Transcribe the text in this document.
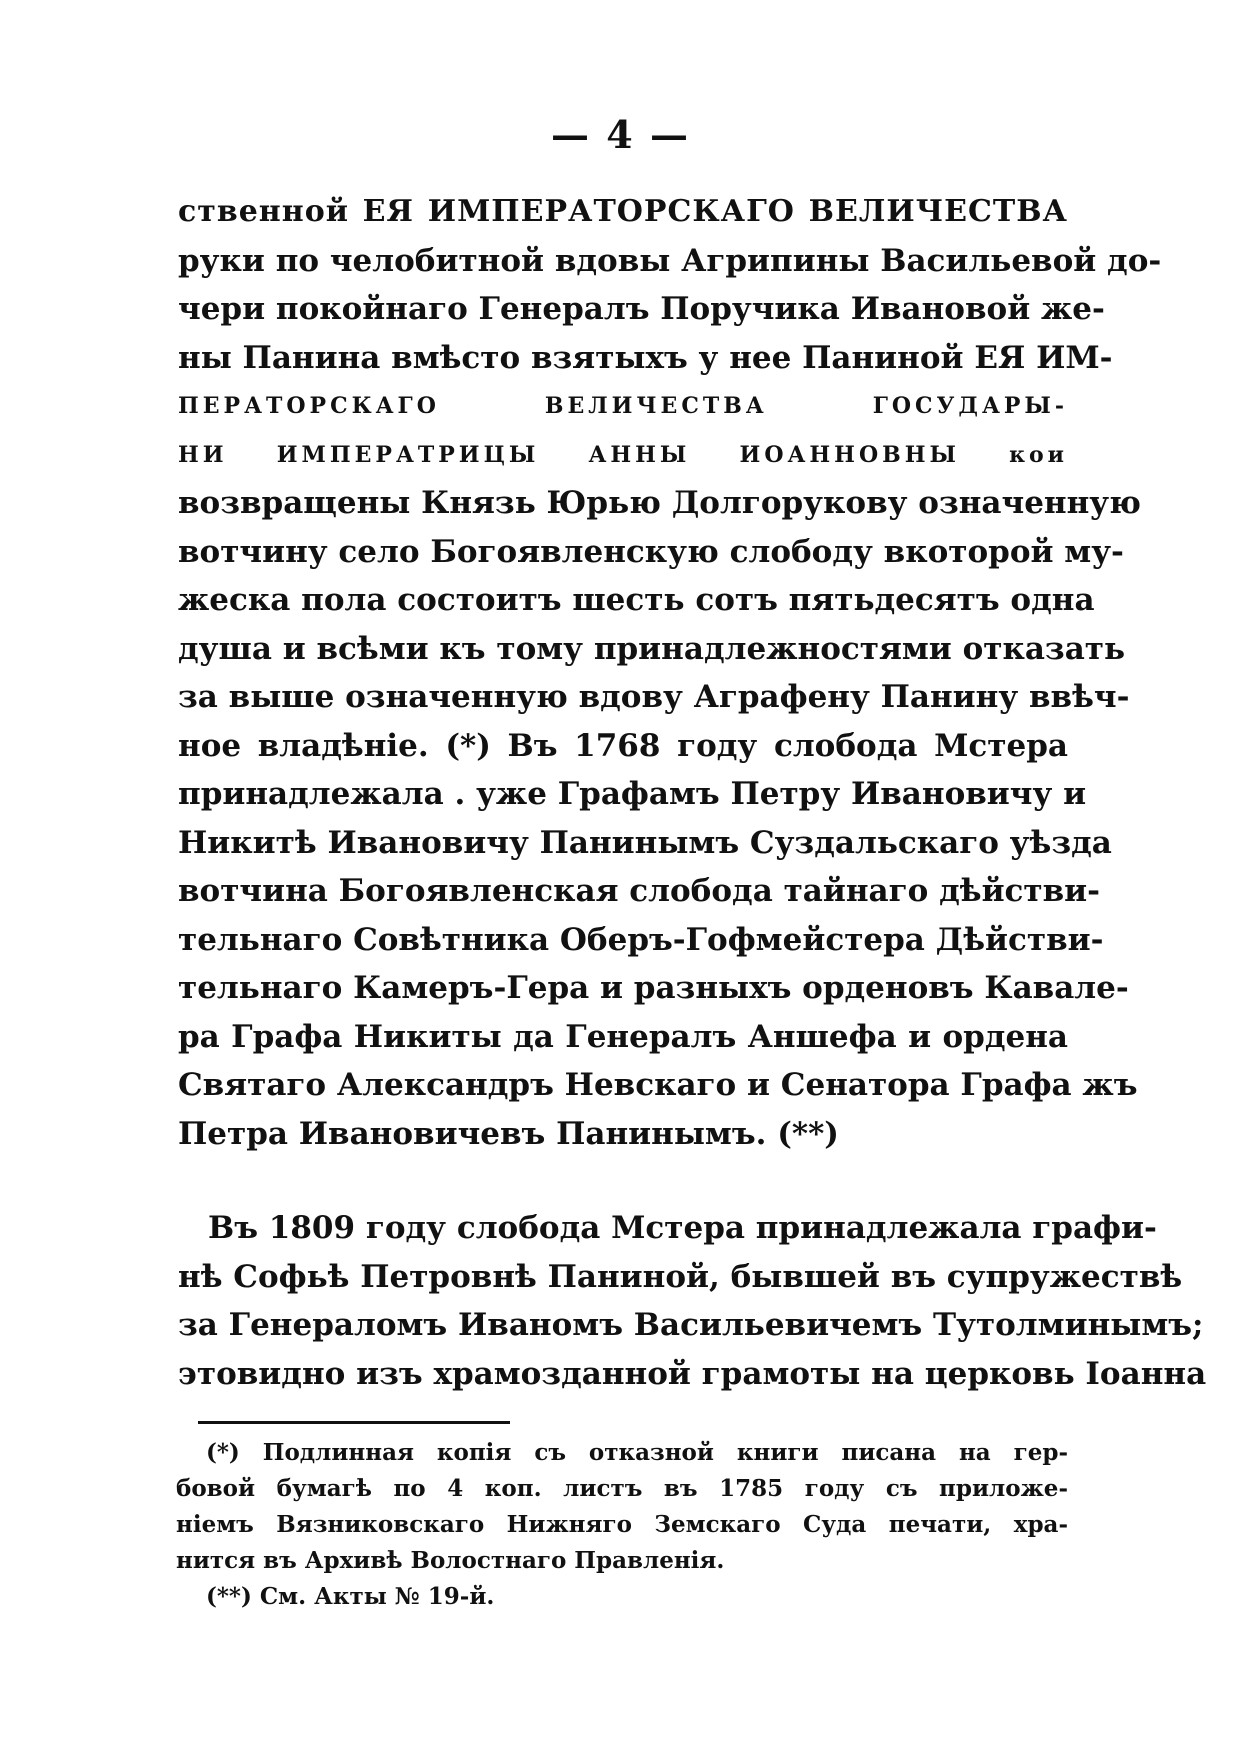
— 4 —
ственной ЕЯ ИМПЕРАТОРСКАГО ВЕЛИЧЕСТВА
руки по челобитной вдовы Агрипины Васильевой до-
чери покойнаго Генералъ Поручика Ивановой же-
ны Панина вмѣсто взятыхъ у нее Паниной ЕЯ ИМ-
ПЕРАТОРСКАГО ВЕЛИЧЕСТВА ГОСУДАРЫ-
НИ ИМПЕРАТРИЦЫ АННЫ ИОАННОВНЫ кои
возвращены Князь Юрью Долгорукову означенную
вотчину село Богоявленскую слободу вкоторой му-
жеска пола состоитъ шесть сотъ пятьдесятъ одна
душа и всѣми къ тому принадлежностями отказать
за выше означенную вдову Аграфену Панину ввѣч-
ное владѣніе. (*) Въ 1768 году слобода Мстера
принадлежала . уже Графамъ Петру Ивановичу и
Никитѣ Ивановичу Панинымъ Суздальскаго уѣзда
вотчина Богоявленская слобода тайнаго дѣйстви-
тельнаго Совѣтника Оберъ-Гофмейстера Дѣйстви-
тельнаго Камеръ-Гера и разныхъ орденовъ Кавале-
ра Графа Никиты да Генералъ Аншефа и ордена
Святаго Александръ Невскаго и Сенатора Графа жъ
Петра Ивановичевъ Панинымъ. (**)
Въ 1809 году слобода Мстера принадлежала графи-
нѣ Софьѣ Петровнѣ Паниной, бывшей въ супружествѣ
за Генераломъ Иваномъ Васильевичемъ Тутолминымъ;
этовидно изъ храмозданной грамоты на церковь Іоанна
(*) Подлинная копія съ отказной книги писана на гер-
бовой бумагѣ по 4 коп. листъ въ 1785 году съ приложе-
ніемъ Вязниковскаго Нижняго Земскаго Суда печати, хра-
нится въ Архивѣ Волостнаго Правленія.
(**) См. Акты № 19-й.
